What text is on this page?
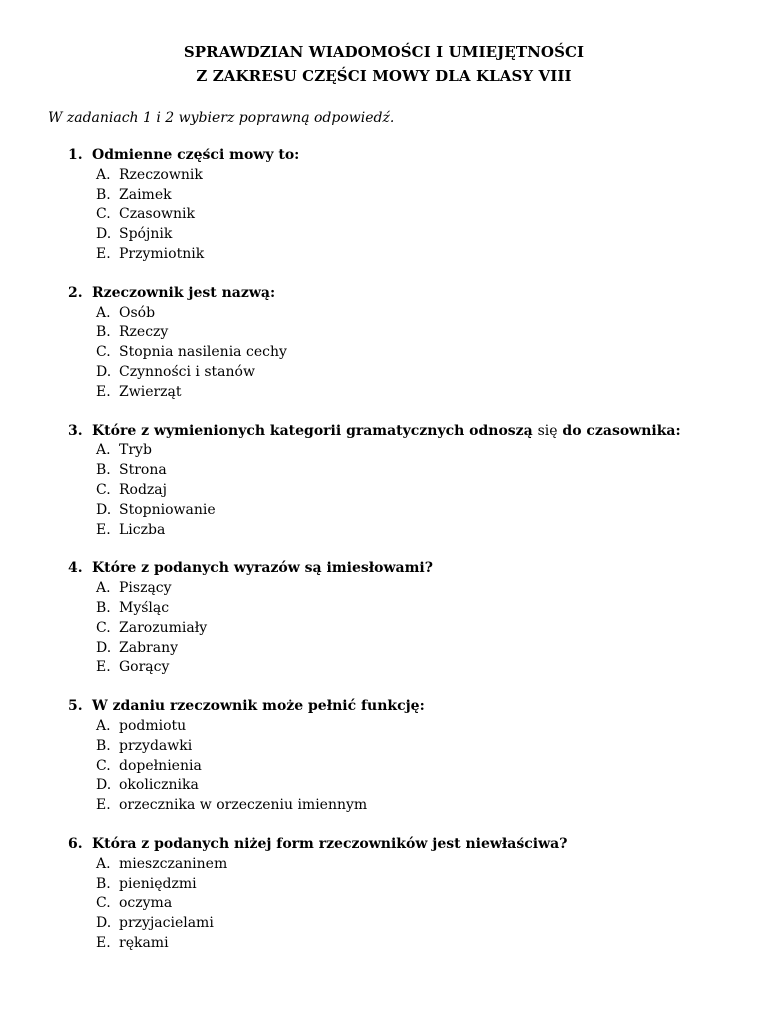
SPRAWDZIAN WIADOMOŚCI I UMIEJĘTNOŚCI
Z ZAKRESU CZĘŚCI MOWY DLA KLASY VIII
W zadaniach 1 i 2 wybierz poprawną odpowiedź.
1. Odmienne części mowy to:
A. Rzeczownik
B. Zaimek
C. Czasownik
D. Spójnik
E. Przymiotnik
2. Rzeczownik jest nazwą:
A. Osób
B. Rzeczy
C. Stopnia nasilenia cechy
D. Czynności i stanów
E. Zwierząt
3. Które z wymienionych kategorii gramatycznych odnoszą się do czasownika:
A. Tryb
B. Strona
C. Rodzaj
D. Stopniowanie
E. Liczba
4. Które z podanych wyrazów są imiesłowami?
A. Piszący
B. Myśląc
C. Zarozumiały
D. Zabrany
E. Gorący
5. W zdaniu rzeczownik może pełnić funkcję:
A. podmiotu
B. przydawki
C. dopełnienia
D. okolicznika
E. orzecznika w orzeczeniu imiennym
6. Która z podanych niżej form rzeczowników jest niewłaściwa?
A. mieszczaninem
B. pieniędzmi
C. oczyma
D. przyjacielami
E. rękami
